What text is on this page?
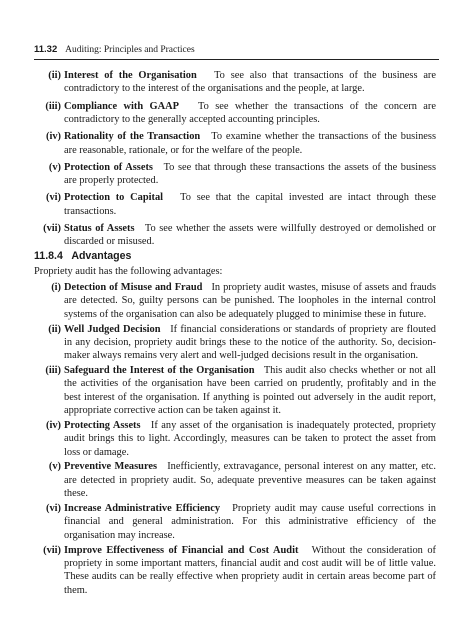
11.32 Auditing: Principles and Practices
(ii) Interest of the Organisation To see also that transactions of the business are contradictory to the interest of the organisations and the people, at large.
(iii) Compliance with GAAP To see whether the transactions of the concern are contradictory to the generally accepted accounting principles.
(iv) Rationality of the Transaction To examine whether the transactions of the business are reasonable, rationale, or for the welfare of the people.
(v) Protection of Assets To see that through these transactions the assets of the business are properly protected.
(vi) Protection to Capital To see that the capital invested are intact through these transactions.
(vii) Status of Assets To see whether the assets were willfully destroyed or demolished or discarded or misused.
11.8.4 Advantages
Propriety audit has the following advantages:
(i) Detection of Misuse and Fraud In propriety audit wastes, misuse of assets and frauds are detected. So, guilty persons can be punished. The loopholes in the internal control systems of the organisation can also be adequately plugged to minimise these in future.
(ii) Well Judged Decision If financial considerations or standards of propriety are flouted in any decision, propriety audit brings these to the notice of the authority. So, decision-maker always remains very alert and well-judged decisions result in the organisation.
(iii) Safeguard the Interest of the Organisation This audit also checks whether or not all the activities of the organisation have been carried on prudently, profitably and in the best interest of the organisation. If anything is pointed out adversely in the audit report, appropriate corrective action can be taken against it.
(iv) Protecting Assets If any asset of the organisation is inadequately protected, propriety audit brings this to light. Accordingly, measures can be taken to protect the asset from loss or damage.
(v) Preventive Measures Inefficiently, extravagance, personal interest on any matter, etc. are detected in propriety audit. So, adequate preventive measures can be taken against these.
(vi) Increase Administrative Efficiency Propriety audit may cause useful corrections in financial and general administration. For this administrative efficiency of the organisation may increase.
(vii) Improve Effectiveness of Financial and Cost Audit Without the consideration of propriety in some important matters, financial audit and cost audit will be of little value. These audits can be really effective when propriety audit in certain areas become part of them.
